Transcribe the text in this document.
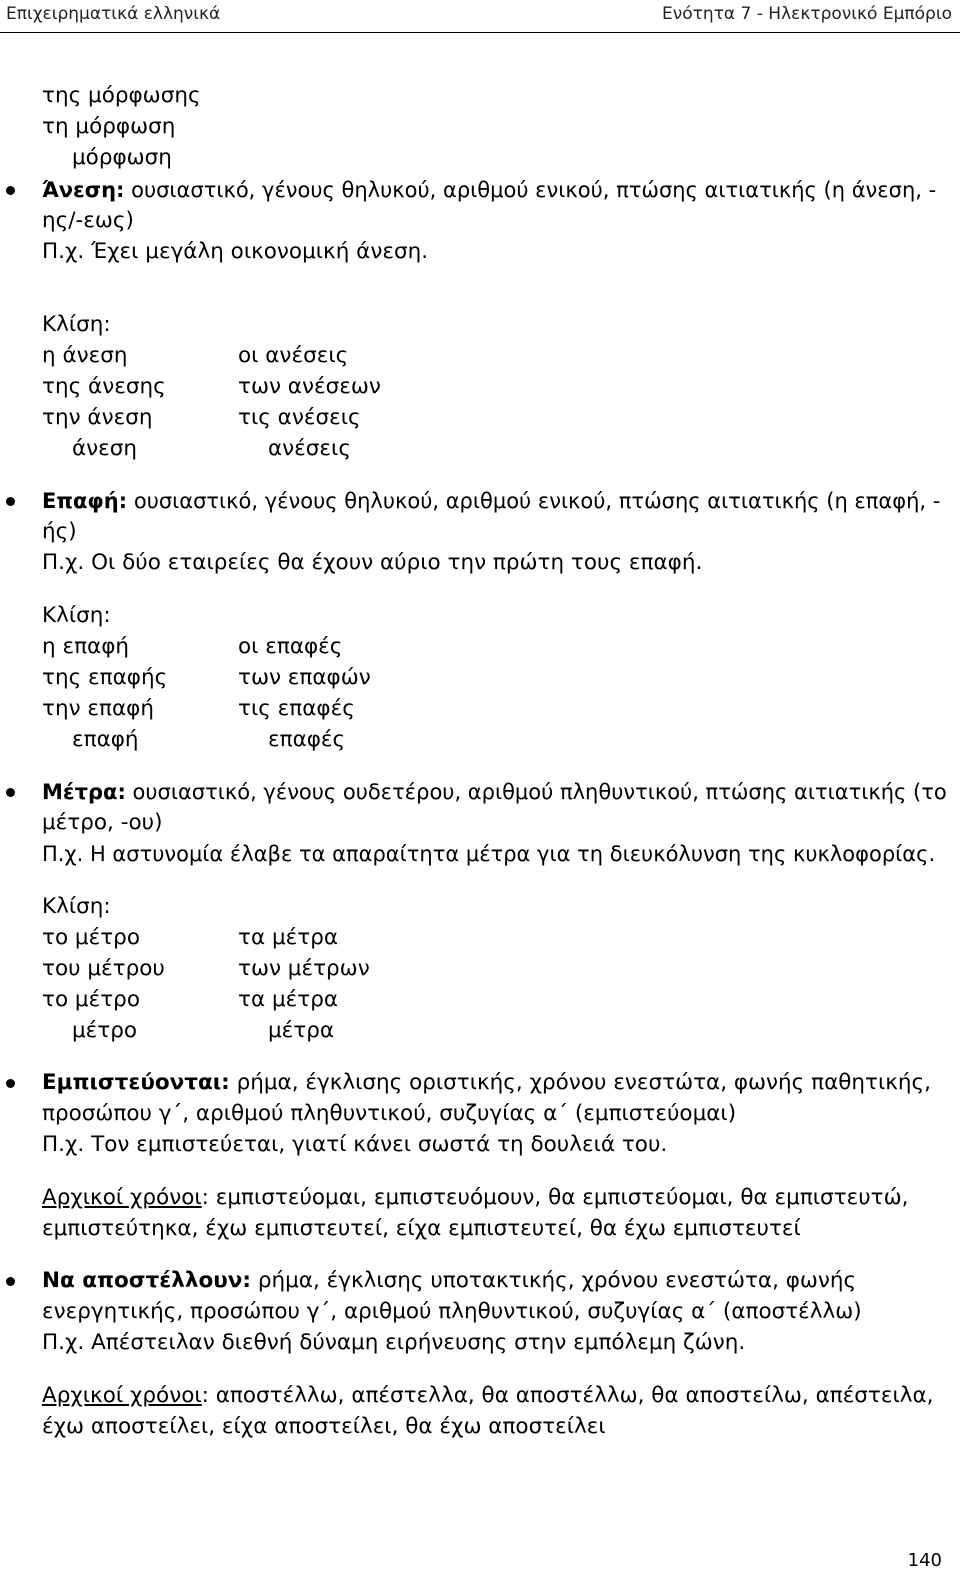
Επιχειρηματικά ελληνικά	Ενότητα 7 - Ηλεκτρονικό Εμπόριο
της μόρφωσης
τη μόρφωση
μόρφωση
Άνεση: ουσιαστικό, γένους θηλυκού, αριθμού ενικού, πτώσης αιτιατικής (η άνεση, -
ης/-εως)
Π.χ. Έχει μεγάλη οικονομική άνεση.
Κλίση:
η άνεση	οι ανέσεις
της άνεσης	των ανέσεων
την άνεση	τις ανέσεις
άνεση	ανέσεις
Επαφή: ουσιαστικό, γένους θηλυκού, αριθμού ενικού, πτώσης αιτιατικής (η επαφή, -
ής)
Π.χ. Οι δύο εταιρείες θα έχουν αύριο την πρώτη τους επαφή.
Κλίση:
η επαφή	οι επαφές
της επαφής	των επαφών
την επαφή	τις επαφές
επαφή	επαφές
Μέτρα: ουσιαστικό, γένους ουδετέρου, αριθμού πληθυντικού, πτώσης αιτιατικής (το
μέτρο, -ου)
Π.χ. Η αστυνομία έλαβε τα απαραίτητα μέτρα για τη διευκόλυνση της κυκλοφορίας.
Κλίση:
το μέτρο	τα μέτρα
του μέτρου	των μέτρων
το μέτρο	τα μέτρα
μέτρο	μέτρα
Εμπιστεύονται: ρήμα, έγκλισης οριστικής, χρόνου ενεστώτα, φωνής παθητικής,
προσώπου γ΄, αριθμού πληθυντικού, συζυγίας α΄ (εμπιστεύομαι)
Π.χ. Τον εμπιστεύεται, γιατί κάνει σωστά τη δουλειά του.
Αρχικοί χρόνοι: εμπιστεύομαι, εμπιστευόμουν, θα εμπιστεύομαι, θα εμπιστευτώ,
εμπιστεύτηκα, έχω εμπιστευτεί, είχα εμπιστευτεί, θα έχω εμπιστευτεί
Να αποστέλλουν: ρήμα, έγκλισης υποτακτικής, χρόνου ενεστώτα, φωνής
ενεργητικής, προσώπου γ΄, αριθμού πληθυντικού, συζυγίας α΄ (αποστέλλω)
Π.χ. Απέστειλαν διεθνή δύναμη ειρήνευσης στην εμπόλεμη ζώνη.
Αρχικοί χρόνοι: αποστέλλω, απέστελλα, θα αποστέλλω, θα αποστείλω, απέστειλα,
έχω αποστείλει, είχα αποστείλει, θα έχω αποστείλει
140
